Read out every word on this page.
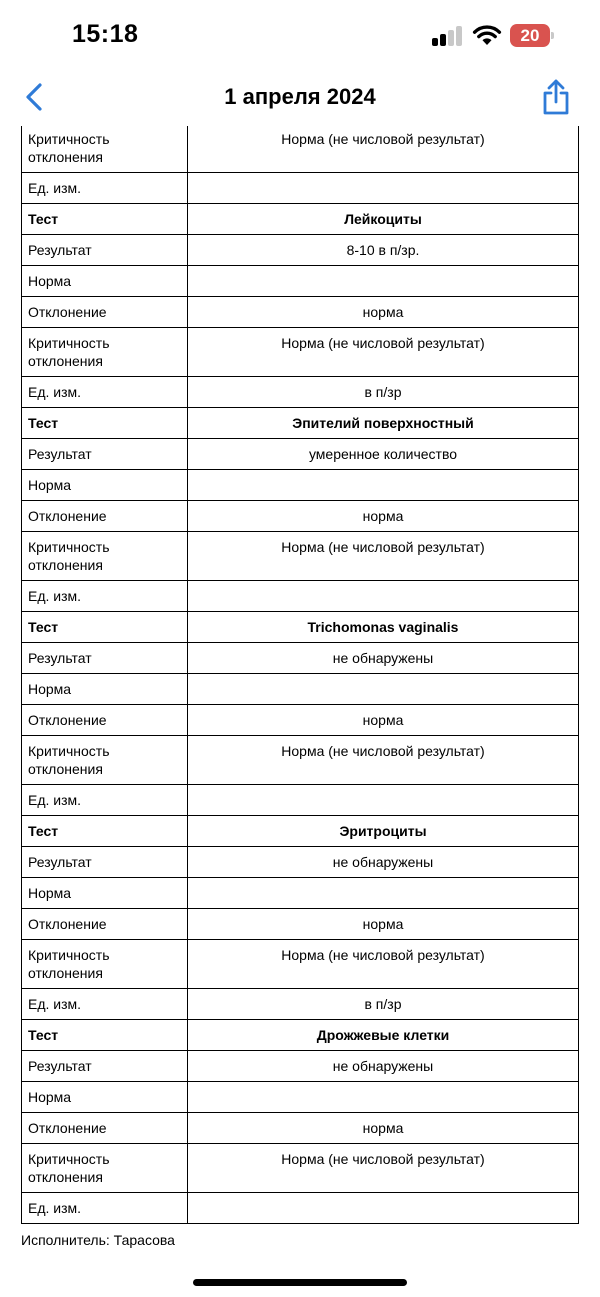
15:18	20
1 апреля 2024
Критичность отклонения	Норма (не числовой результат)
Ед. изм.	
Тест	Лейкоциты
Результат	8-10 в п/зр.
Норма	
Отклонение	норма
Критичность отклонения	Норма (не числовой результат)
Ед. изм.	в п/зр
Тест	Эпителий поверхностный
Результат	умеренное количество
Норма	
Отклонение	норма
Критичность отклонения	Норма (не числовой результат)
Ед. изм.	
Тест	Trichomonas vaginalis
Результат	не обнаружены
Норма	
Отклонение	норма
Критичность отклонения	Норма (не числовой результат)
Ед. изм.	
Тест	Эритроциты
Результат	не обнаружены
Норма	
Отклонение	норма
Критичность отклонения	Норма (не числовой результат)
Ед. изм.	в п/зр
Тест	Дрожжевые клетки
Результат	не обнаружены
Норма	
Отклонение	норма
Критичность отклонения	Норма (не числовой результат)
Ед. изм.	
Исполнитель: Тарасова
